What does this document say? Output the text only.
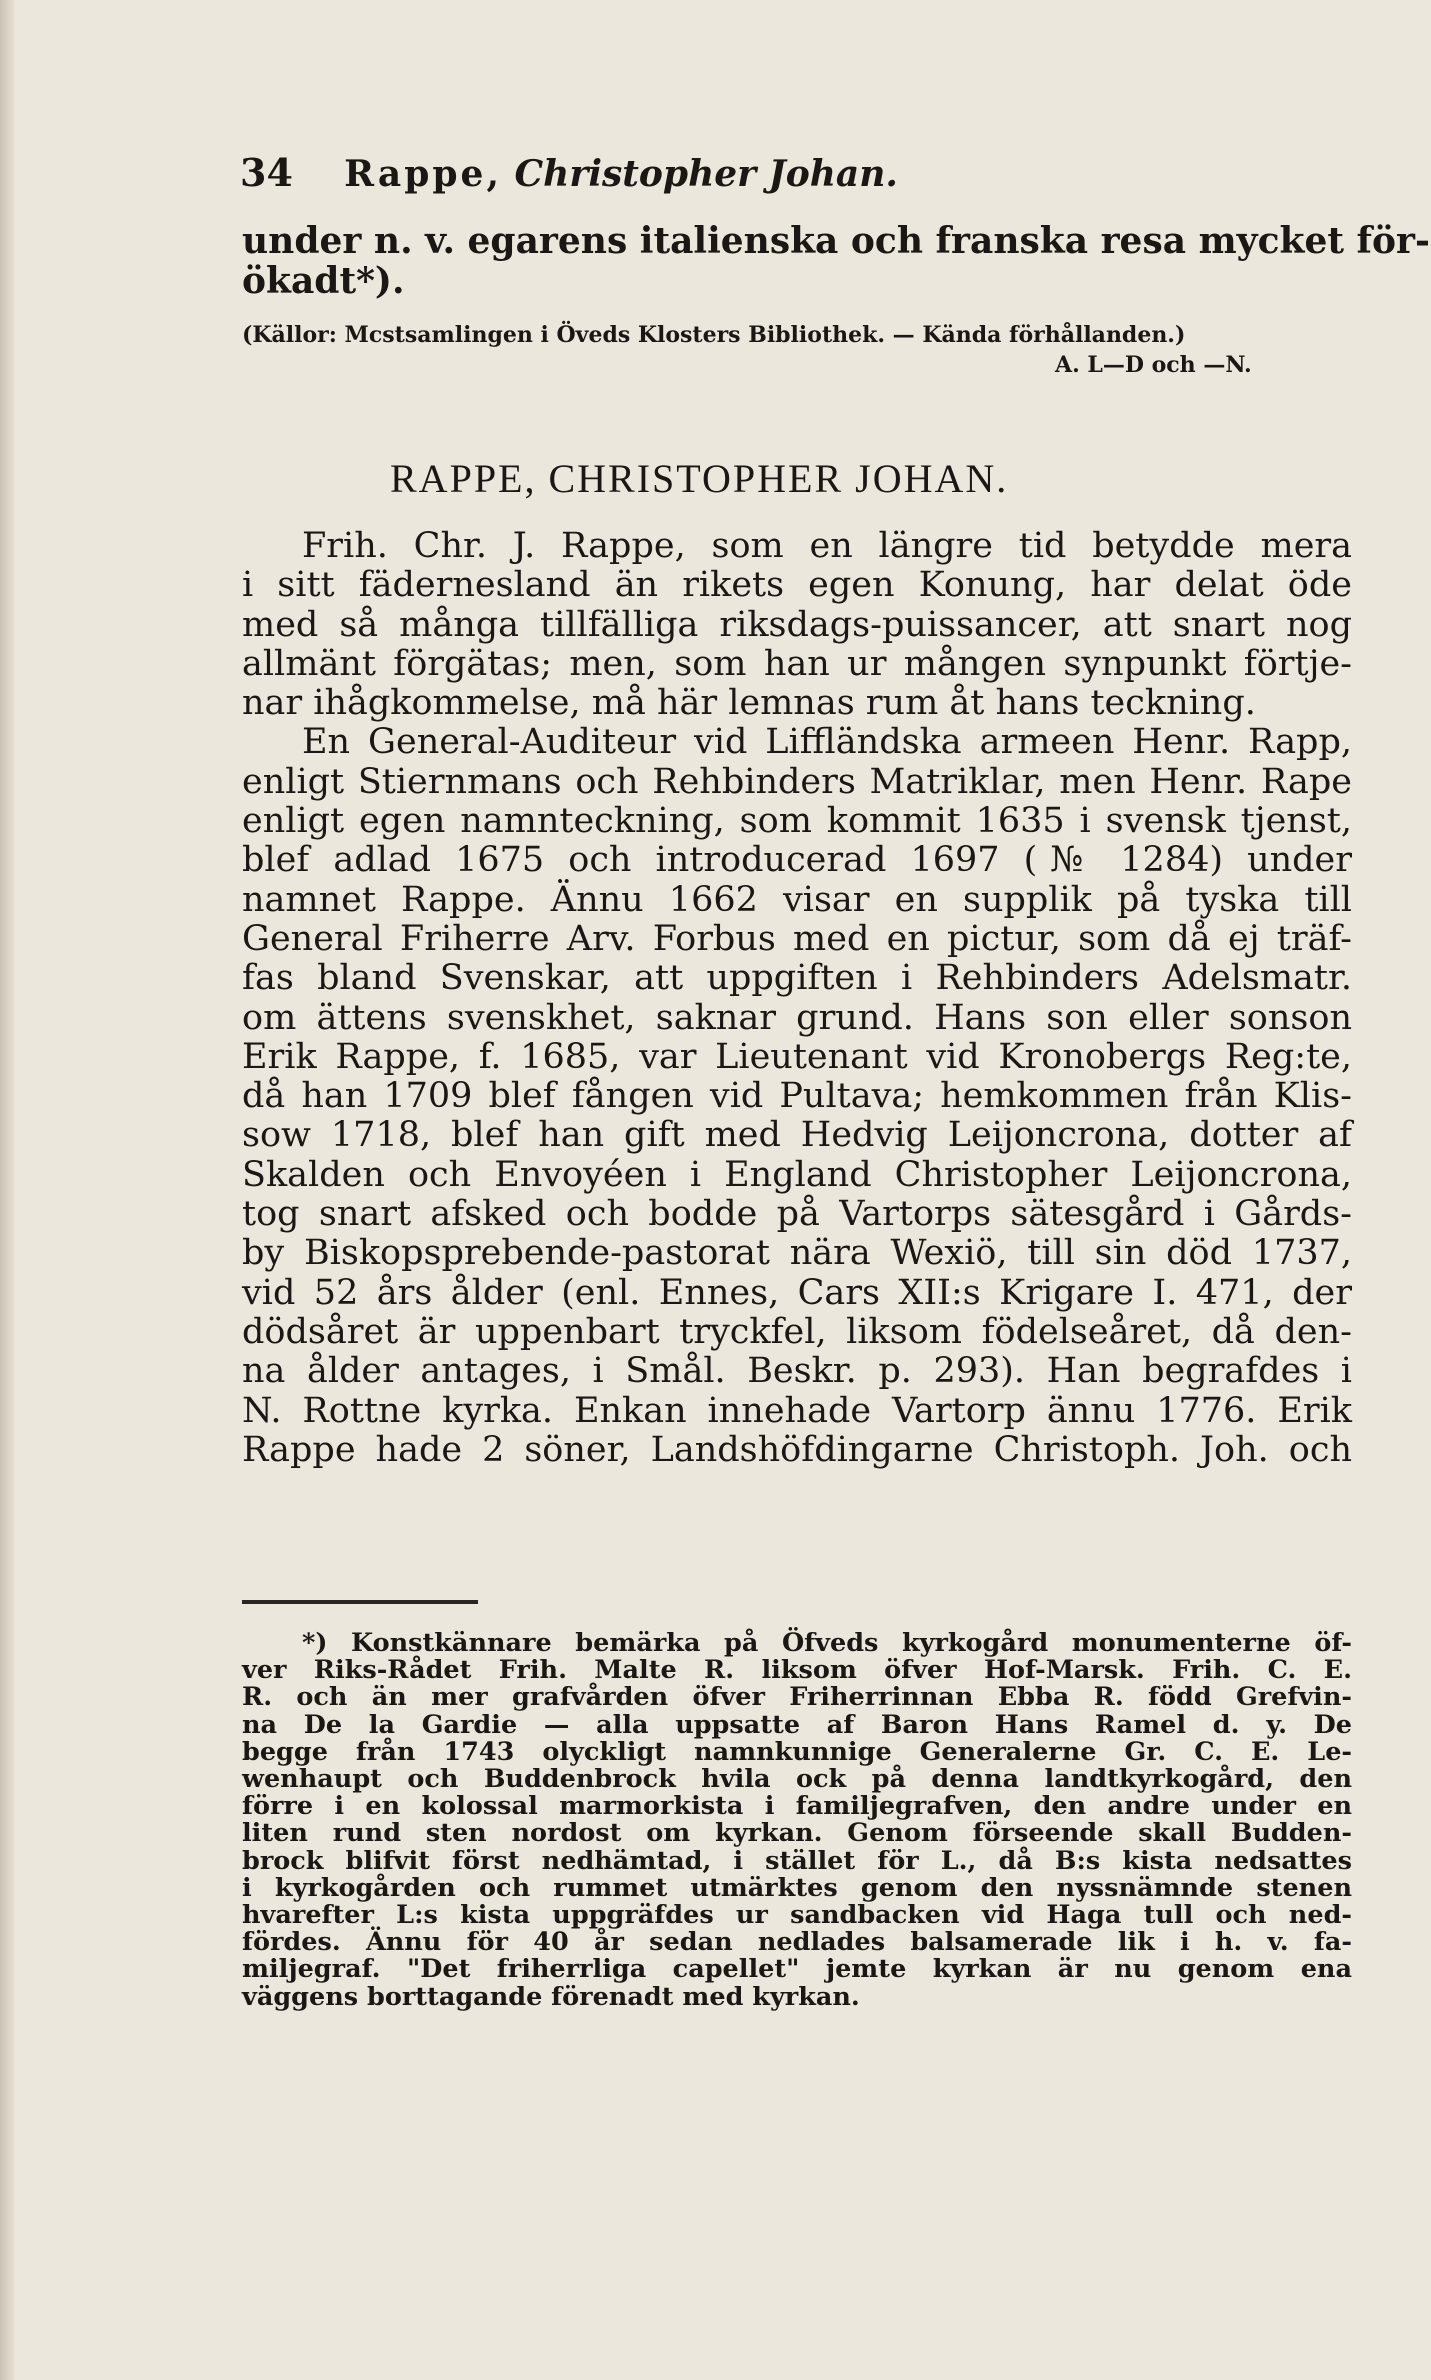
34 Rappe, Christopher Johan.
under n. v. egarens italienska och franska resa mycket för-
ökadt*).
(Källor: Mcstsamlingen i Öveds Klosters Bibliothek. — Kända förhållanden.)
A. L—D och —N.
RAPPE, CHRISTOPHER JOHAN.
Frih. Chr. J. Rappe, som en längre tid betydde mera
i sitt fädernesland än rikets egen Konung, har delat öde
med så många tillfälliga riksdags-puissancer, att snart nog
allmänt förgätas; men, som han ur mången synpunkt förtje-
nar ihågkommelse, må här lemnas rum åt hans teckning.
En General-Auditeur vid Liffländska armeen Henr. Rapp,
enligt Stiernmans och Rehbinders Matriklar, men Henr. Rape
enligt egen namnteckning, som kommit 1635 i svensk tjenst,
blef adlad 1675 och introducerad 1697 (№ 1284) under
namnet Rappe. Ännu 1662 visar en supplik på tyska till
General Friherre Arv. Forbus med en pictur, som då ej träf-
fas bland Svenskar, att uppgiften i Rehbinders Adelsmatr.
om ättens svenskhet, saknar grund. Hans son eller sonson
Erik Rappe, f. 1685, var Lieutenant vid Kronobergs Reg:te,
då han 1709 blef fången vid Pultava; hemkommen från Klis-
sow 1718, blef han gift med Hedvig Leijoncrona, dotter af
Skalden och Envoyéen i England Christopher Leijoncrona,
tog snart afsked och bodde på Vartorps sätesgård i Gårds-
by Biskopsprebende-pastorat nära Wexiö, till sin död 1737,
vid 52 års ålder (enl. Ennes, Cars XII:s Krigare I. 471, der
dödsåret är uppenbart tryckfel, liksom födelseåret, då den-
na ålder antages, i Smål. Beskr. p. 293). Han begrafdes i
N. Rottne kyrka. Enkan innehade Vartorp ännu 1776. Erik
Rappe hade 2 söner, Landshöfdingarne Christoph. Joh. och
*) Konstkännare bemärka på Öfveds kyrkogård monumenterne öf-
ver Riks-Rådet Frih. Malte R. liksom öfver Hof-Marsk. Frih. C. E.
R. och än mer grafvården öfver Friherrinnan Ebba R. född Grefvin-
na De la Gardie — alla uppsatte af Baron Hans Ramel d. y. De
begge från 1743 olyckligt namnkunnige Generalerne Gr. C. E. Le-
wenhaupt och Buddenbrock hvila ock på denna landtkyrkogård, den
förre i en kolossal marmorkista i familjegrafven, den andre under en
liten rund sten nordost om kyrkan. Genom förseende skall Budden-
brock blifvit först nedhämtad, i stället för L., då B:s kista nedsattes
i kyrkogården och rummet utmärktes genom den nyssnämnde stenen
hvarefter L:s kista uppgräfdes ur sandbacken vid Haga tull och ned-
fördes. Ännu för 40 år sedan nedlades balsamerade lik i h. v. fa-
miljegraf. "Det friherrliga capellet" jemte kyrkan är nu genom ena
väggens borttagande förenadt med kyrkan.
